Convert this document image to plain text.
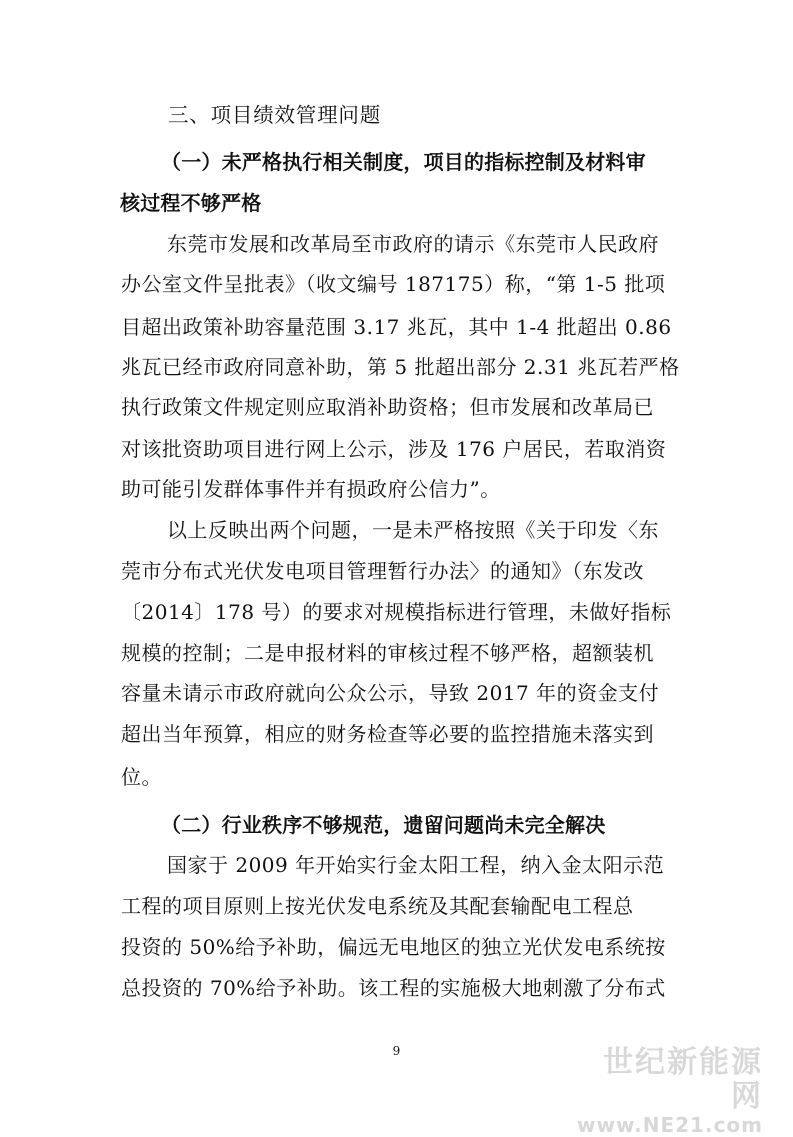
三、项目绩效管理问题
（一）未严格执行相关制度，项目的指标控制及材料审
核过程不够严格
东莞市发展和改革局至市政府的请示《东莞市人民政府
办公室文件呈批表》（收文编号 187175）称，“第 1-5 批项
目超出政策补助容量范围 3.17 兆瓦，其中 1-4 批超出 0.86
兆瓦已经市政府同意补助，第 5 批超出部分 2.31 兆瓦若严格
执行政策文件规定则应取消补助资格；但市发展和改革局已
对该批资助项目进行网上公示，涉及 176 户居民，若取消资
助可能引发群体事件并有损政府公信力”。
以上反映出两个问题，一是未严格按照《关于印发〈东
莞市分布式光伏发电项目管理暂行办法〉的通知》（东发改
〔2014〕178 号）的要求对规模指标进行管理，未做好指标
规模的控制；二是申报材料的审核过程不够严格，超额装机
容量未请示市政府就向公众公示，导致 2017 年的资金支付
超出当年预算，相应的财务检查等必要的监控措施未落实到
位。
（二）行业秩序不够规范，遗留问题尚未完全解决
国家于 2009 年开始实行金太阳工程，纳入金太阳示范
工程的项目原则上按光伏发电系统及其配套输配电工程总
投资的 50%给予补助，偏远无电地区的独立光伏发电系统按
总投资的 70%给予补助。该工程的实施极大地刺激了分布式
9	世纪新能源网
www.NE21.com
